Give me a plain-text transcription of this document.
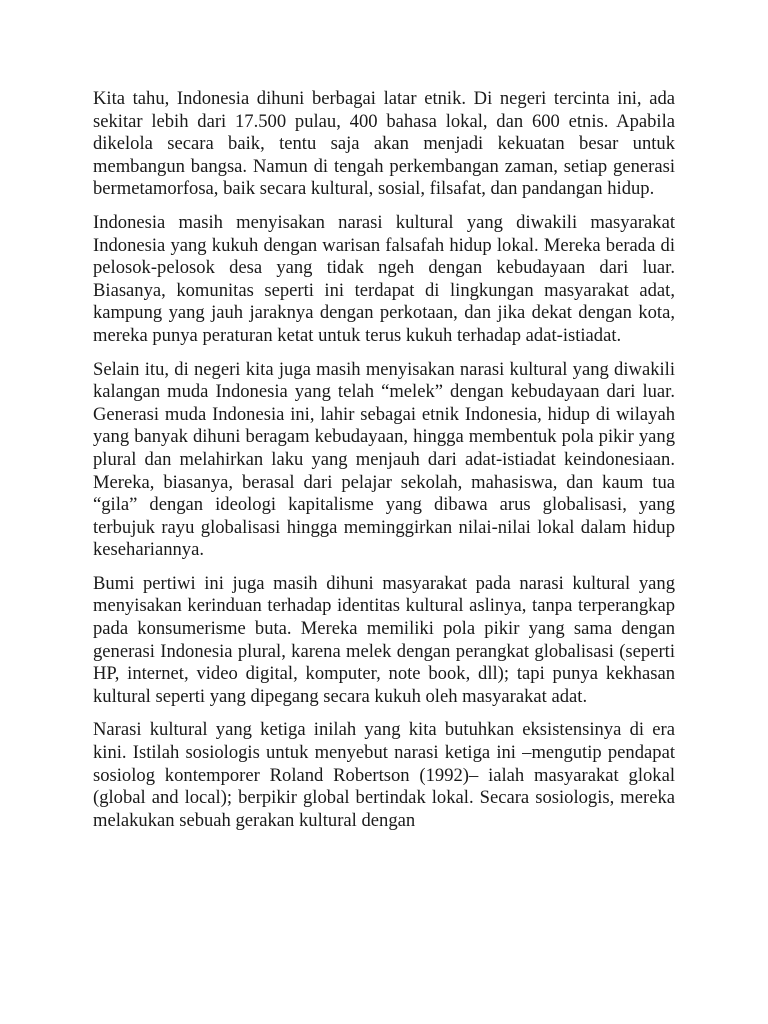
Kita tahu, Indonesia dihuni berbagai latar etnik. Di negeri tercinta ini, ada sekitar lebih dari 17.500 pulau, 400 bahasa lokal, dan 600 etnis. Apabila dikelola secara baik, tentu saja akan menjadi kekuatan besar untuk membangun bangsa. Namun di tengah perkembangan zaman, setiap generasi bermetamorfosa, baik secara kultural, sosial, filsafat, dan pandangan hidup.

Indonesia masih menyisakan narasi kultural yang diwakili masyarakat Indonesia yang kukuh dengan warisan falsafah hidup lokal. Mereka berada di pelosok-pelosok desa yang tidak ngeh dengan kebudayaan dari luar. Biasanya, komunitas seperti ini terdapat di lingkungan masyarakat adat, kampung yang jauh jaraknya dengan perkotaan, dan jika dekat dengan kota, mereka punya peraturan ketat untuk terus kukuh terhadap adat-istiadat.

Selain itu, di negeri kita juga masih menyisakan narasi kultural yang diwakili kalangan muda Indonesia yang telah “melek” dengan kebudayaan dari luar. Generasi muda Indonesia ini, lahir sebagai etnik Indonesia, hidup di wilayah yang banyak dihuni beragam kebudayaan, hingga membentuk pola pikir yang plural dan melahirkan laku yang menjauh dari adat-istiadat keindonesiaan. Mereka, biasanya, berasal dari pelajar sekolah, mahasiswa, dan kaum tua “gila” dengan ideologi kapitalisme yang dibawa arus globalisasi, yang terbujuk rayu globalisasi hingga meminggirkan nilai-nilai lokal dalam hidup kesehariannya.

Bumi pertiwi ini juga masih dihuni masyarakat pada narasi kultural yang menyisakan kerinduan terhadap identitas kultural aslinya, tanpa terperangkap pada konsumerisme buta. Mereka memiliki pola pikir yang sama dengan generasi Indonesia plural, karena melek dengan perangkat globalisasi (seperti HP, internet, video digital, komputer, note book, dll); tapi punya kekhasan kultural seperti yang dipegang secara kukuh oleh masyarakat adat.

Narasi kultural yang ketiga inilah yang kita butuhkan eksistensinya di era kini. Istilah sosiologis untuk menyebut narasi ketiga ini –mengutip pendapat sosiolog kontemporer Roland Robertson (1992)– ialah masyarakat glokal (global and local); berpikir global bertindak lokal. Secara sosiologis, mereka melakukan sebuah gerakan kultural dengan
